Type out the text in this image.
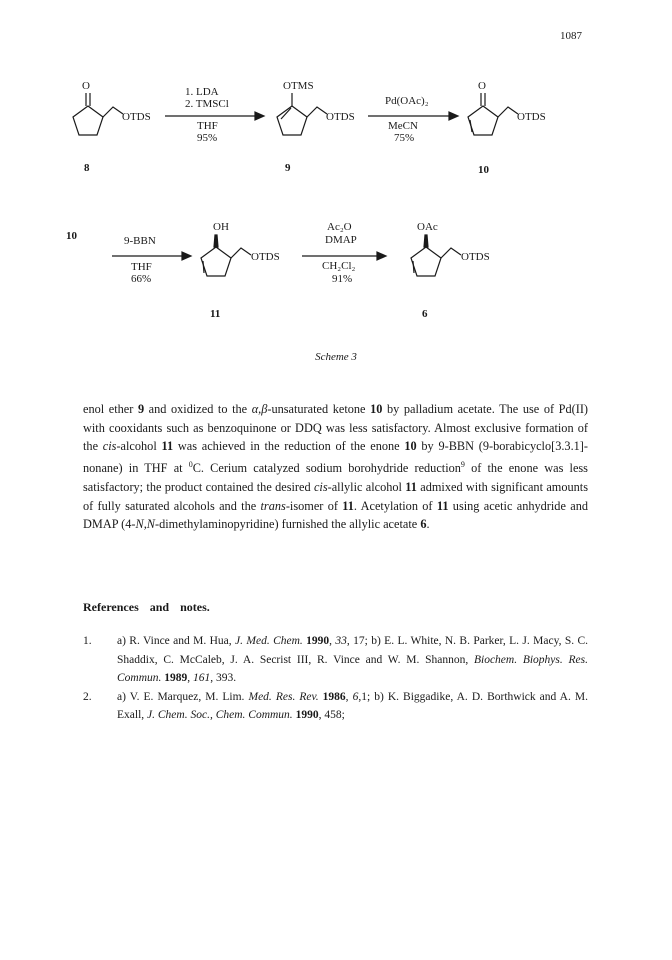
1087
O
OTDS
1. LDA
2. TMSCl
THF
95%
OTMS
OTDS
Pd(OAc)₂
MeCN
75%
O
OTDS
8	9	10
10	9-BBN
THF
66%
OH
OTDS
Ac₂O
DMAP
CH₂Cl₂
91%
OAc
OTDS
11	6
Scheme 3
enol ether 9 and oxidized to the α,β-unsaturated ketone 10 by palladium acetate. The use of Pd(II) with cooxidants such as benzoquinone or DDQ was less satisfactory. Almost exclusive formation of the cis-alcohol 11 was achieved in the reduction of the enone 10 by 9-BBN (9-borabicyclo[3.3.1]-nonane) in THF at $^0$C. Cerium catalyzed sodium borohydride reduction$^9$ of the enone was less satisfactory; the product contained the desired cis-allylic alcohol 11 admixed with significant amounts of fully saturated alcohols and the trans-isomer of 11. Acetylation of 11 using acetic anhydride and DMAP (4-N,N-dimethylaminopyridine) furnished the allylic acetate 6.
References and notes.
1. a) R. Vince and M. Hua, J. Med. Chem. 1990, 33, 17; b) E. L. White, N. B. Parker, L. J. Macy, S. C. Shaddix, C. McCaleb, J. A. Secrist III, R. Vince and W. M. Shannon, Biochem. Biophys. Res. Commun. 1989, 161, 393.
2. a) V. E. Marquez, M. Lim. Med. Res. Rev. 1986, 6,1; b) K. Biggadike, A. D. Borthwick and A. M. Exall, J. Chem. Soc., Chem. Commun. 1990, 458;
